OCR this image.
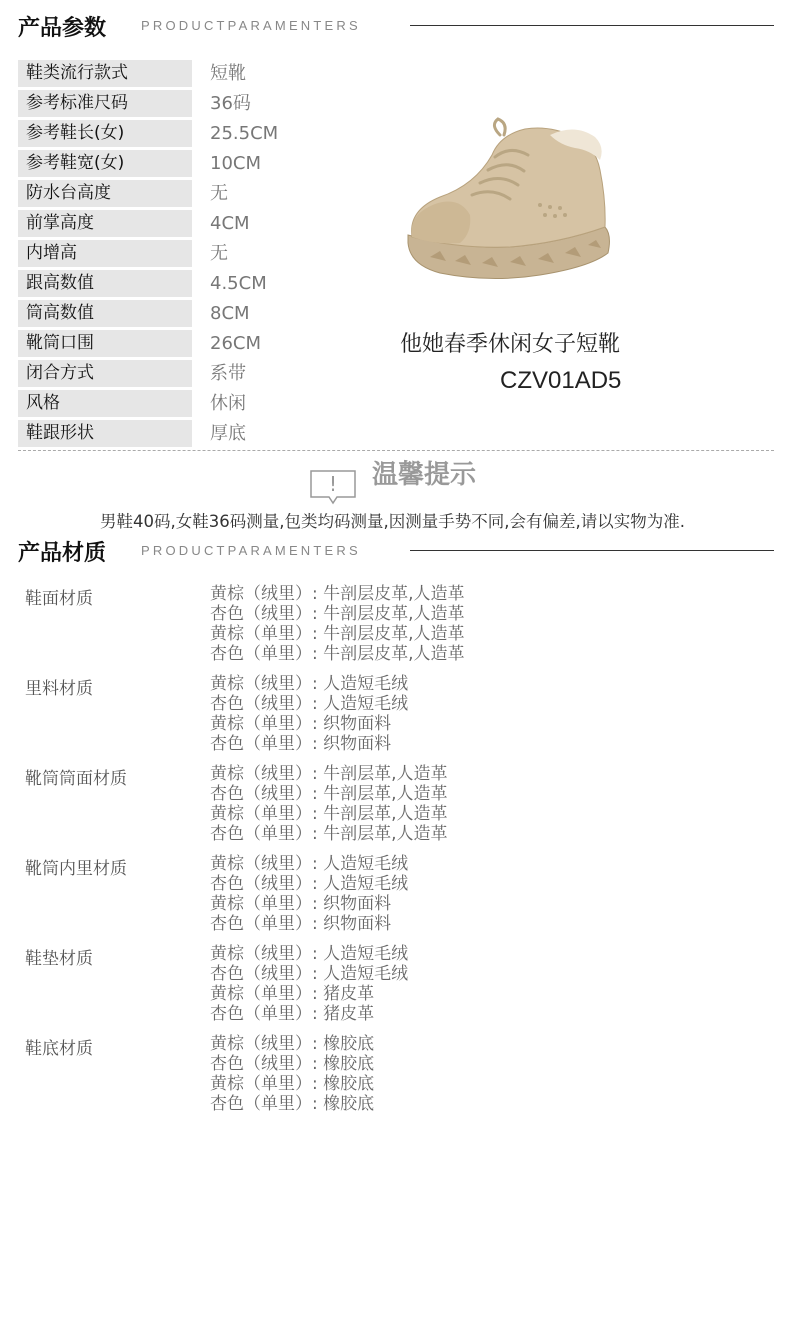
产品参数	PRODUCTPARAMENTERS
鞋类流行款式	短靴
参考标准尺码	36码
参考鞋长(女)	25.5CM
参考鞋宽(女)	10CM
防水台高度	无
前掌高度	4CM
内增高	无
跟高数值	4.5CM
筒高数值	8CM
靴筒口围	26CM
闭合方式	系带
风格	休闲
鞋跟形状	厚底
他她春季休闲女子短靴
CZV01AD5
! 温馨提示
男鞋40码,女鞋36码测量,包类均码测量,因测量手势不同,会有偏差,请以实物为准.
产品材质	PRODUCTPARAMENTERS
鞋面材质	黄棕（绒里）: 牛剖层皮革,人造革
杏色（绒里）: 牛剖层皮革,人造革
黄棕（单里）: 牛剖层皮革,人造革
杏色（单里）: 牛剖层皮革,人造革
里料材质	黄棕（绒里）: 人造短毛绒
杏色（绒里）: 人造短毛绒
黄棕（单里）: 织物面料
杏色（单里）: 织物面料
靴筒筒面材质	黄棕（绒里）: 牛剖层革,人造革
杏色（绒里）: 牛剖层革,人造革
黄棕（单里）: 牛剖层革,人造革
杏色（单里）: 牛剖层革,人造革
靴筒内里材质	黄棕（绒里）: 人造短毛绒
杏色（绒里）: 人造短毛绒
黄棕（单里）: 织物面料
杏色（单里）: 织物面料
鞋垫材质	黄棕（绒里）: 人造短毛绒
杏色（绒里）: 人造短毛绒
黄棕（单里）: 猪皮革
杏色（单里）: 猪皮革
鞋底材质	黄棕（绒里）: 橡胶底
杏色（绒里）: 橡胶底
黄棕（单里）: 橡胶底
杏色（单里）: 橡胶底
